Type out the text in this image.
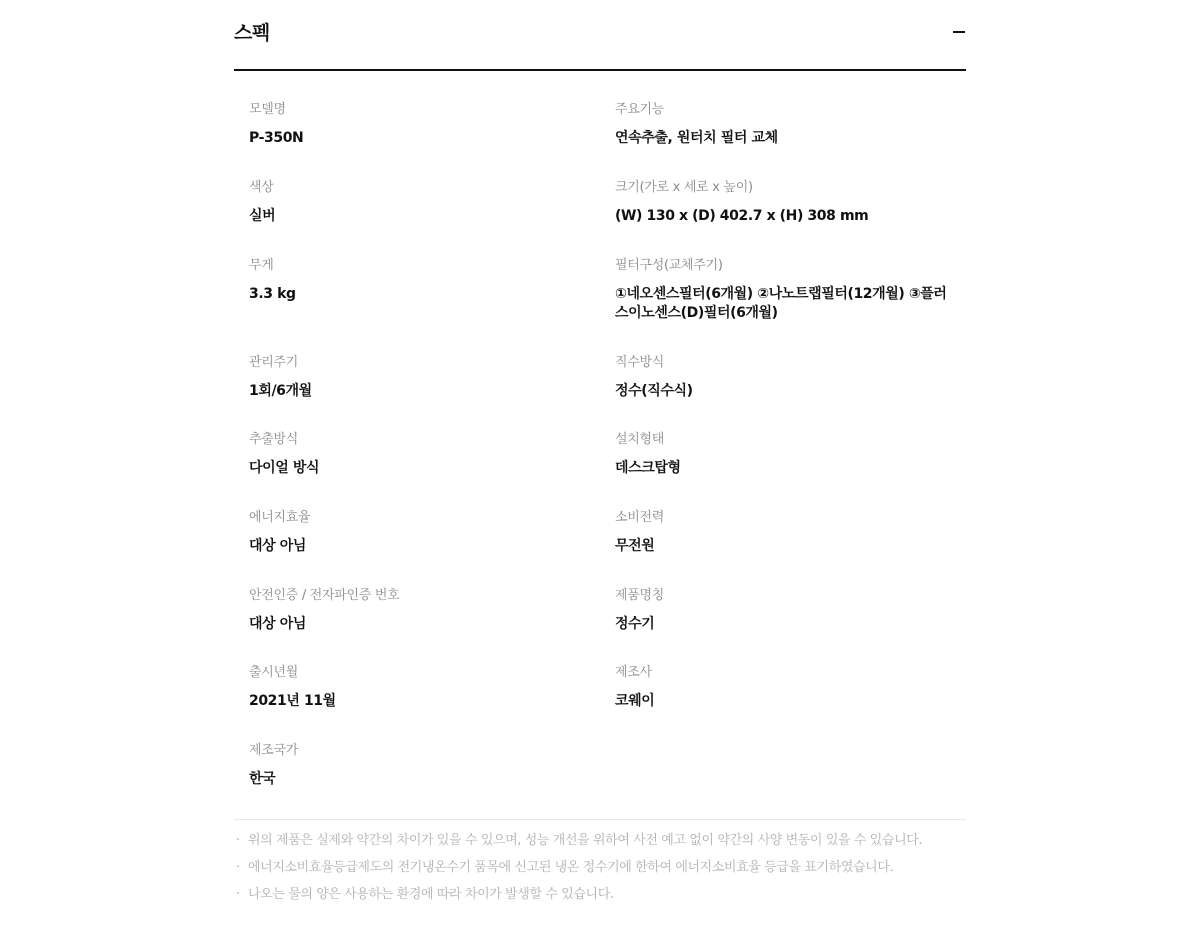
스펙
모델명
P-350N
주요기능
연속추출, 원터치 필터 교체
색상
실버
크기(가로 x 세로 x 높이)
(W) 130 x (D) 402.7 x (H) 308 mm
무게
3.3 kg
필터구성(교체주기)
①네오센스필터(6개월) ②나노트랩필터(12개월) ③플러스이노센스(D)필터(6개월)
관리주기
1회/6개월
직수방식
정수(직수식)
추출방식
다이얼 방식
설치형태
데스크탑형
에너지효율
대상 아님
소비전력
무전원
안전인증 / 전자파인증 번호
대상 아님
제품명칭
정수기
출시년월
2021년 11월
제조사
코웨이
제조국가
한국
· 위의 제품은 실제와 약간의 차이가 있을 수 있으며, 성능 개선을 위하여 사전 예고 없이 약간의 사양 변동이 있을 수 있습니다.
· 에너지소비효율등급제도의 전기냉온수기 품목에 신고된 냉온 정수기에 한하여 에너지소비효율 등급을 표기하였습니다.
· 나오는 물의 양은 사용하는 환경에 따라 차이가 발생할 수 있습니다.
